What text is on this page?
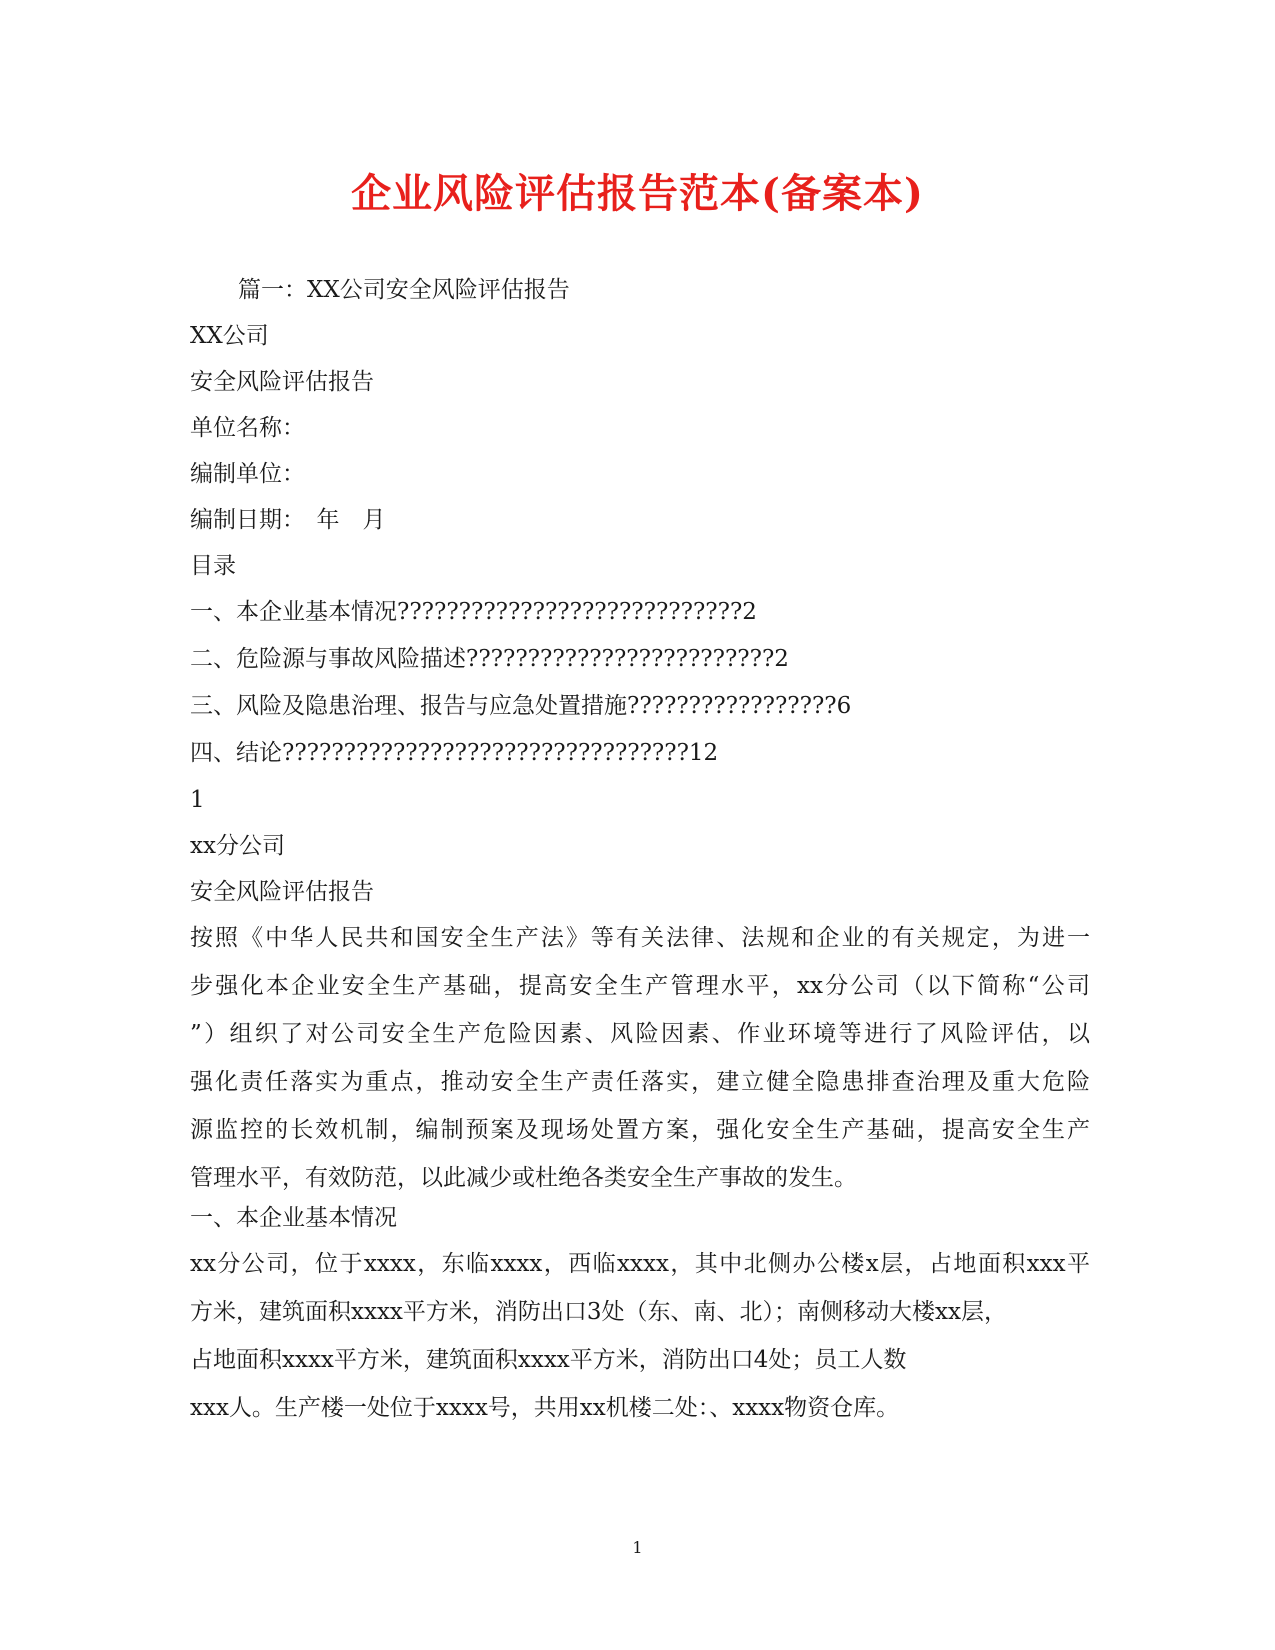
企业风险评估报告范本(备案本)
篇一：XX公司安全风险评估报告
XX公司
安全风险评估报告
单位名称：
编制单位：
编制日期：　年　月
目录
一、本企业基本情况????????????????????????????2
二、危险源与事故风险描述?????????????????????????2
三、风险及隐患治理、报告与应急处置措施?????????????????6
四、结论?????????????????????????????????12
1
xx分公司
安全风险评估报告
按照《中华人民共和国安全生产法》等有关法律、法规和企业的有关规定，为进一
步强化本企业安全生产基础，提高安全生产管理水平，xx分公司（以下简称“公司
”）组织了对公司安全生产危险因素、风险因素、作业环境等进行了风险评估，以
强化责任落实为重点，推动安全生产责任落实，建立健全隐患排查治理及重大危险
源监控的长效机制，编制预案及现场处置方案，强化安全生产基础，提高安全生产
管理水平，有效防范，以此减少或杜绝各类安全生产事故的发生。
一、本企业基本情况
xx分公司，位于xxxx，东临xxxx，西临xxxx，其中北侧办公楼x层，占地面积xxx平
方米，建筑面积xxxx平方米，消防出口3处（东、南、北）；南侧移动大楼xx层，
占地面积xxxx平方米，建筑面积xxxx平方米，消防出口4处；员工人数
xxx人。生产楼一处位于xxxx号，共用xx机楼二处：、xxxx物资仓库。
1
